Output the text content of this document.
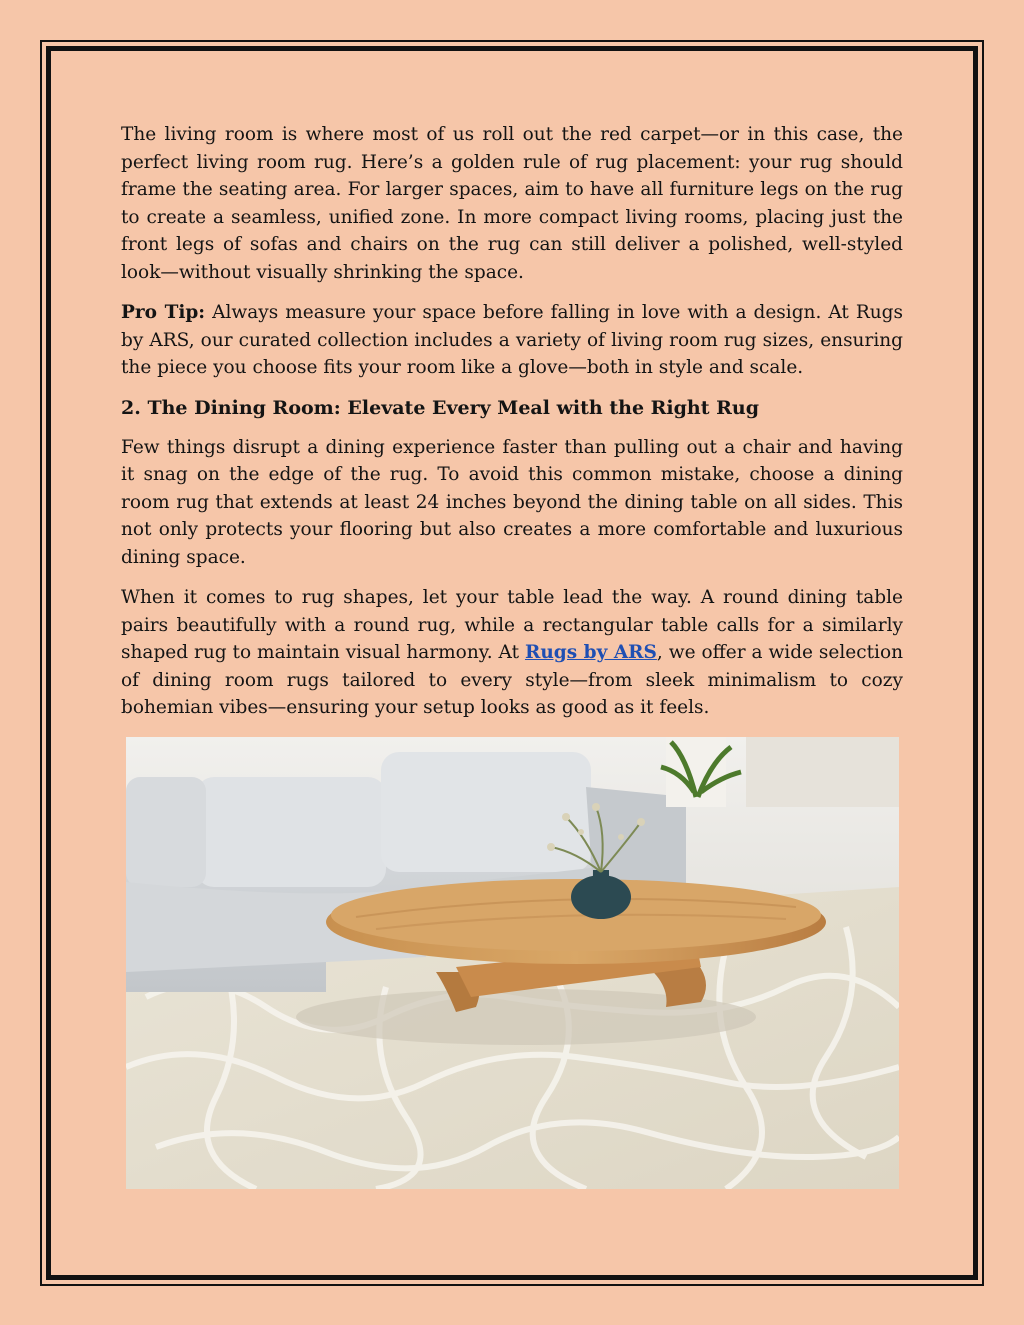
The living room is where most of us roll out the red carpet—or in this case, the perfect living room rug. Here’s a golden rule of rug placement: your rug should frame the seating area. For larger spaces, aim to have all furniture legs on the rug to create a seamless, unified zone. In more compact living rooms, placing just the front legs of sofas and chairs on the rug can still deliver a polished, well-styled look—without visually shrinking the space.

Pro Tip: Always measure your space before falling in love with a design. At Rugs by ARS, our curated collection includes a variety of living room rug sizes, ensuring the piece you choose fits your room like a glove—both in style and scale.

2. The Dining Room: Elevate Every Meal with the Right Rug

Few things disrupt a dining experience faster than pulling out a chair and having it snag on the edge of the rug. To avoid this common mistake, choose a dining room rug that extends at least 24 inches beyond the dining table on all sides. This not only protects your flooring but also creates a more comfortable and luxurious dining space.

When it comes to rug shapes, let your table lead the way. A round dining table pairs beautifully with a round rug, while a rectangular table calls for a similarly shaped rug to maintain visual harmony. At Rugs by ARS, we offer a wide selection of dining room rugs tailored to every style—from sleek minimalism to cozy bohemian vibes—ensuring your setup looks as good as it feels.
